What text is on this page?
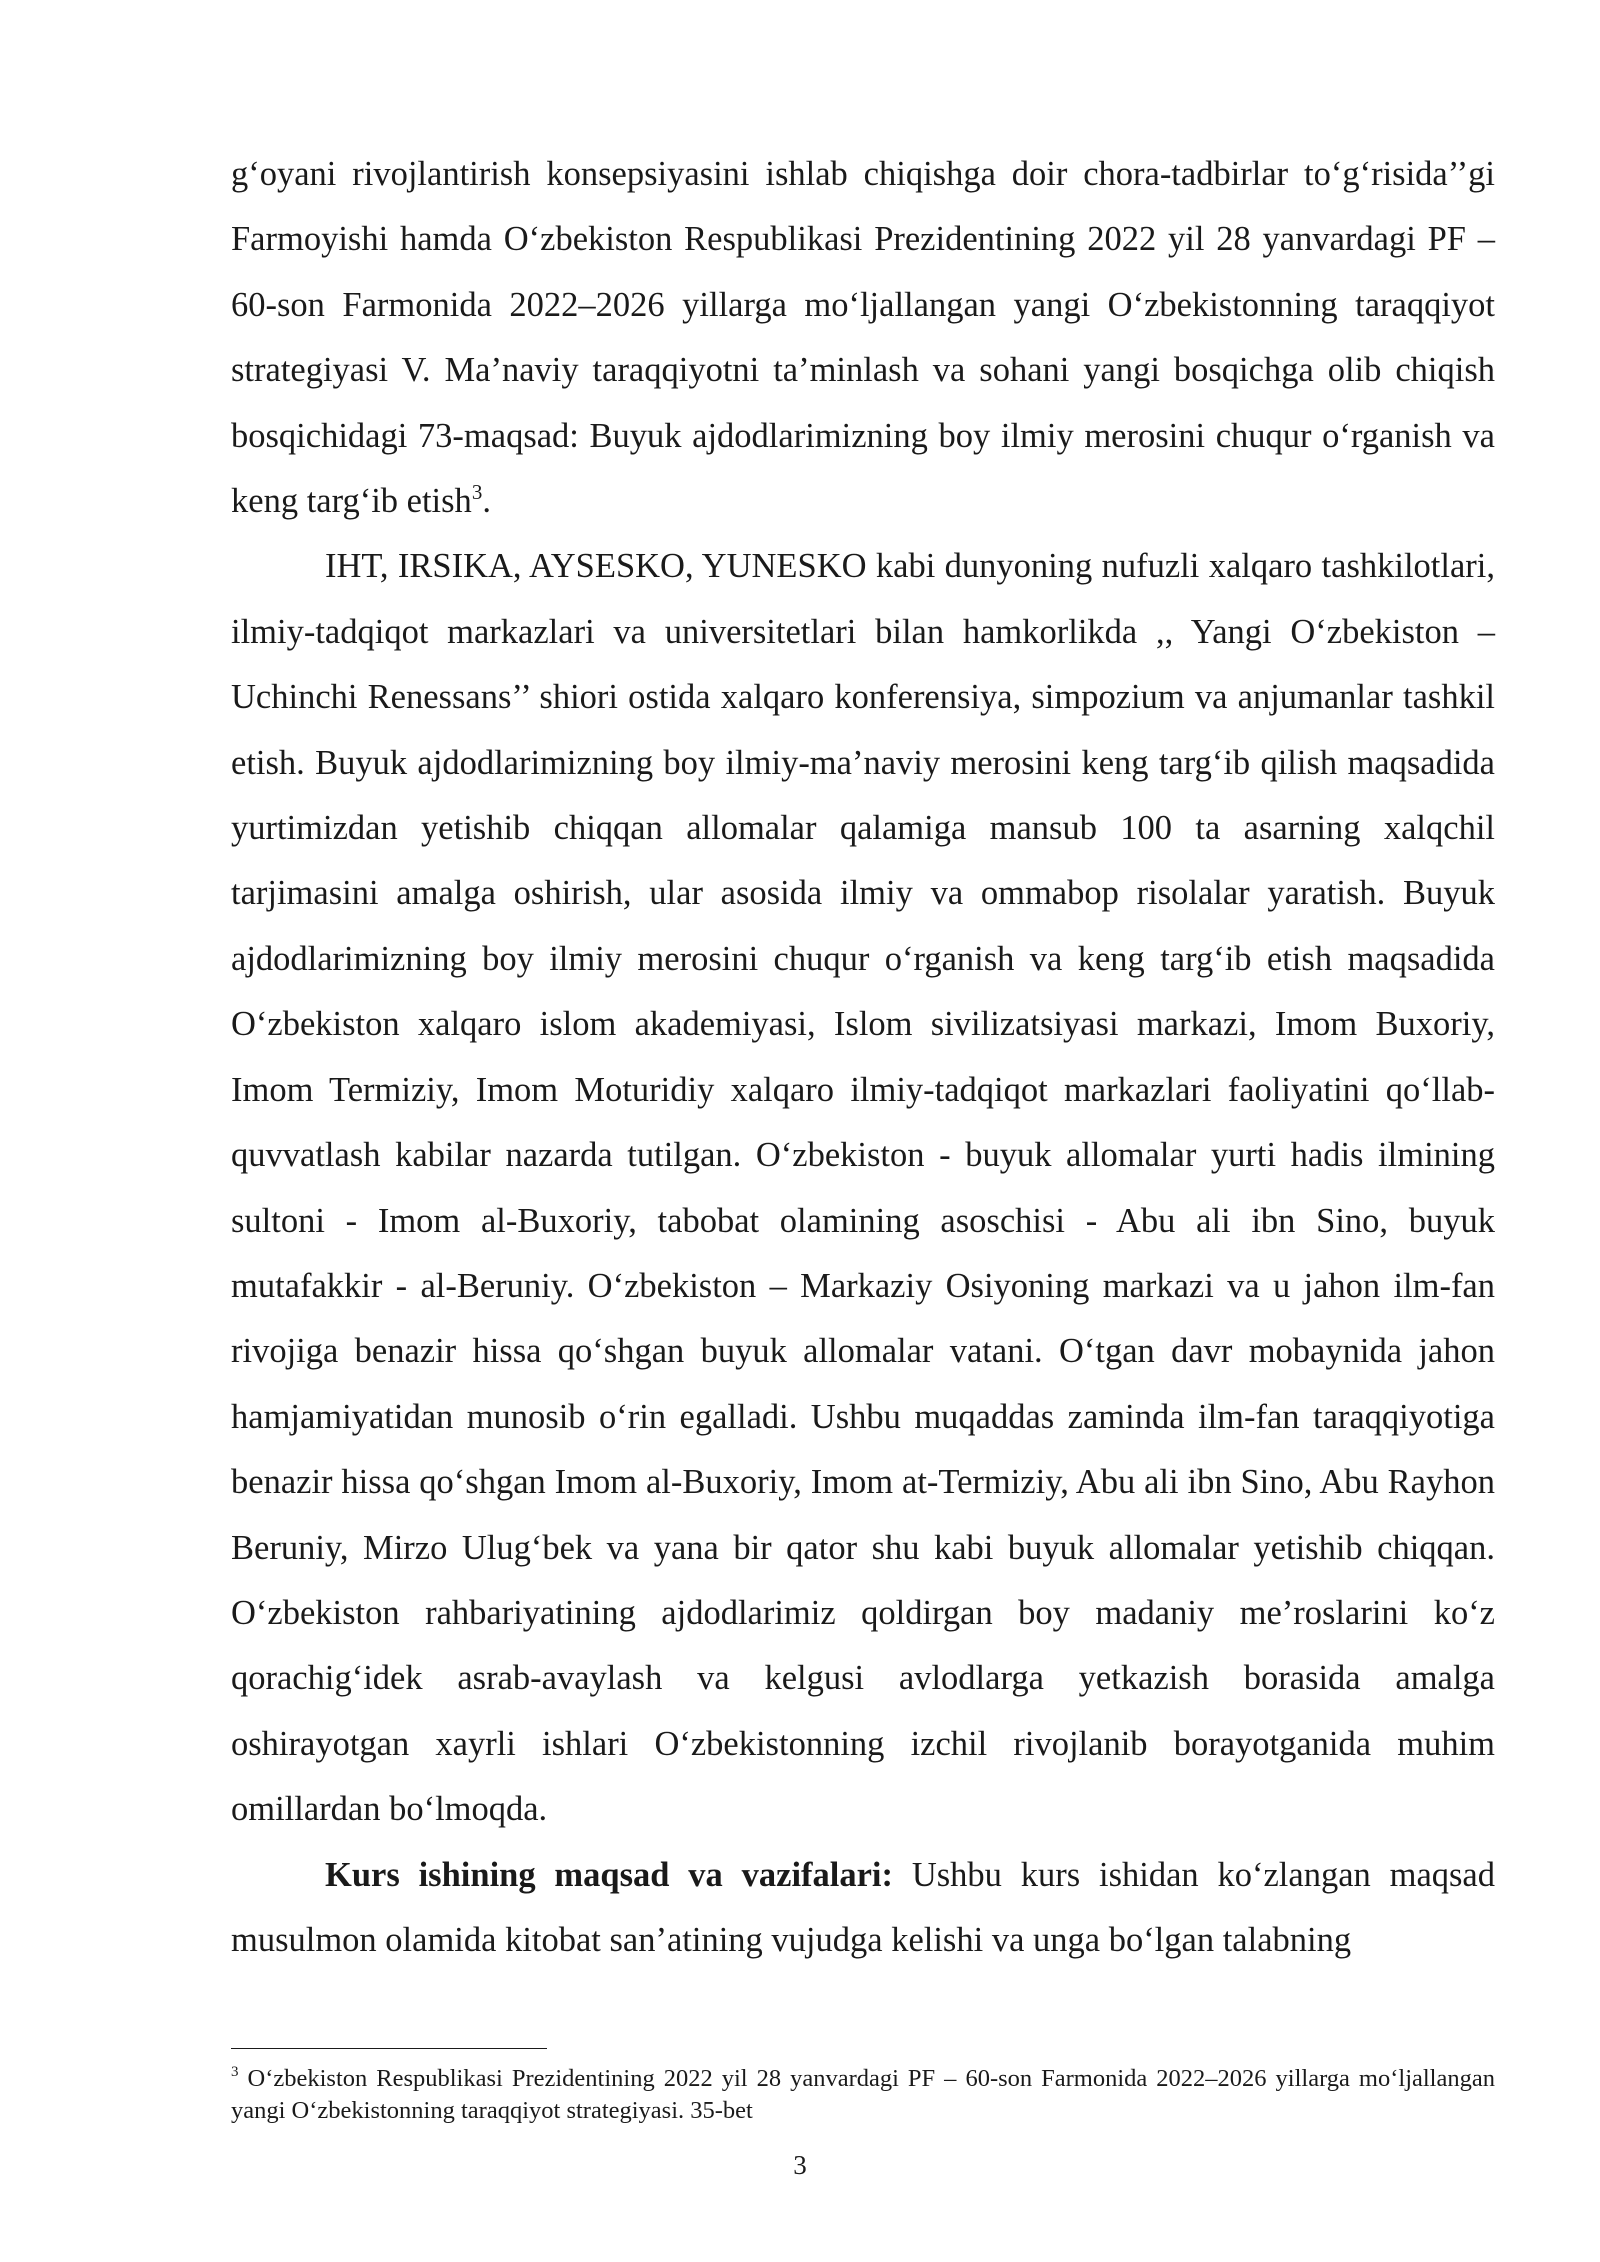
g‘oyani rivojlantirish konsepsiyasini ishlab chiqishga doir chora-tadbirlar to‘g‘risida’’gi Farmoyishi hamda O‘zbekiston Respublikasi Prezidentining 2022 yil 28 yanvardagi PF – 60-son Farmonida 2022–2026 yillarga mo‘ljallangan yangi O‘zbekistonning taraqqiyot strategiyasi V. Ma’naviy taraqqiyotni ta’minlash va sohani yangi bosqichga olib chiqish bosqichidagi 73-maqsad: Buyuk ajdodlarimizning boy ilmiy merosini chuqur o‘rganish va keng targ‘ib etish$^3$.

IHT, IRSIKA, AYSESKO, YUNESKO kabi dunyoning nufuzli xalqaro tashkilotlari, ilmiy-tadqiqot markazlari va universitetlari bilan hamkorlikda ,, Yangi O‘zbekiston – Uchinchi Renessans’’ shiori ostida xalqaro konferensiya, simpozium va anjumanlar tashkil etish. Buyuk ajdodlarimizning boy ilmiy-ma’naviy merosini keng targ‘ib qilish maqsadida yurtimizdan yetishib chiqqan allomalar qalamiga mansub 100 ta asarning xalqchil tarjimasini amalga oshirish, ular asosida ilmiy va ommabop risolalar yaratish. Buyuk ajdodlarimizning boy ilmiy merosini chuqur o‘rganish va keng targ‘ib etish maqsadida O‘zbekiston xalqaro islom akademiyasi, Islom sivilizatsiyasi markazi, Imom Buxoriy, Imom Termiziy, Imom Moturidiy xalqaro ilmiy-tadqiqot markazlari faoliyatini qo‘llab-quvvatlash kabilar nazarda tutilgan. O‘zbekiston - buyuk allomalar yurti hadis ilmining sultoni - Imom al-Buxoriy, tabobat olamining asoschisi - Abu ali ibn Sino, buyuk mutafakkir - al-Beruniy. O‘zbekiston – Markaziy Osiyoning markazi va u jahon ilm-fan rivojiga benazir hissa qo‘shgan buyuk allomalar vatani. O‘tgan davr mobaynida jahon hamjamiyatidan munosib o‘rin egalladi. Ushbu muqaddas zaminda ilm-fan taraqqiyotiga benazir hissa qo‘shgan Imom al-Buxoriy, Imom at-Termiziy, Abu ali ibn Sino, Abu Rayhon Beruniy, Mirzo Ulug‘bek va yana bir qator shu kabi buyuk allomalar yetishib chiqqan. O‘zbekiston rahbariyatining ajdodlarimiz qoldirgan boy madaniy me’roslarini ko‘z qorachig‘idek asrab-avaylash va kelgusi avlodlarga yetkazish borasida amalga oshirayotgan xayrli ishlari O‘zbekistonning izchil rivojlanib borayotganida muhim omillardan bo‘lmoqda.

Kurs ishining maqsad va vazifalari: Ushbu kurs ishidan ko‘zlangan maqsad musulmon olamida kitobat san’atining vujudga kelishi va unga bo‘lgan talabning

$^3$ O‘zbekiston Respublikasi Prezidentining 2022 yil 28 yanvardagi PF – 60-son Farmonida 2022–2026 yillarga mo‘ljallangan yangi O‘zbekistonning taraqqiyot strategiyasi. 35-bet
3
